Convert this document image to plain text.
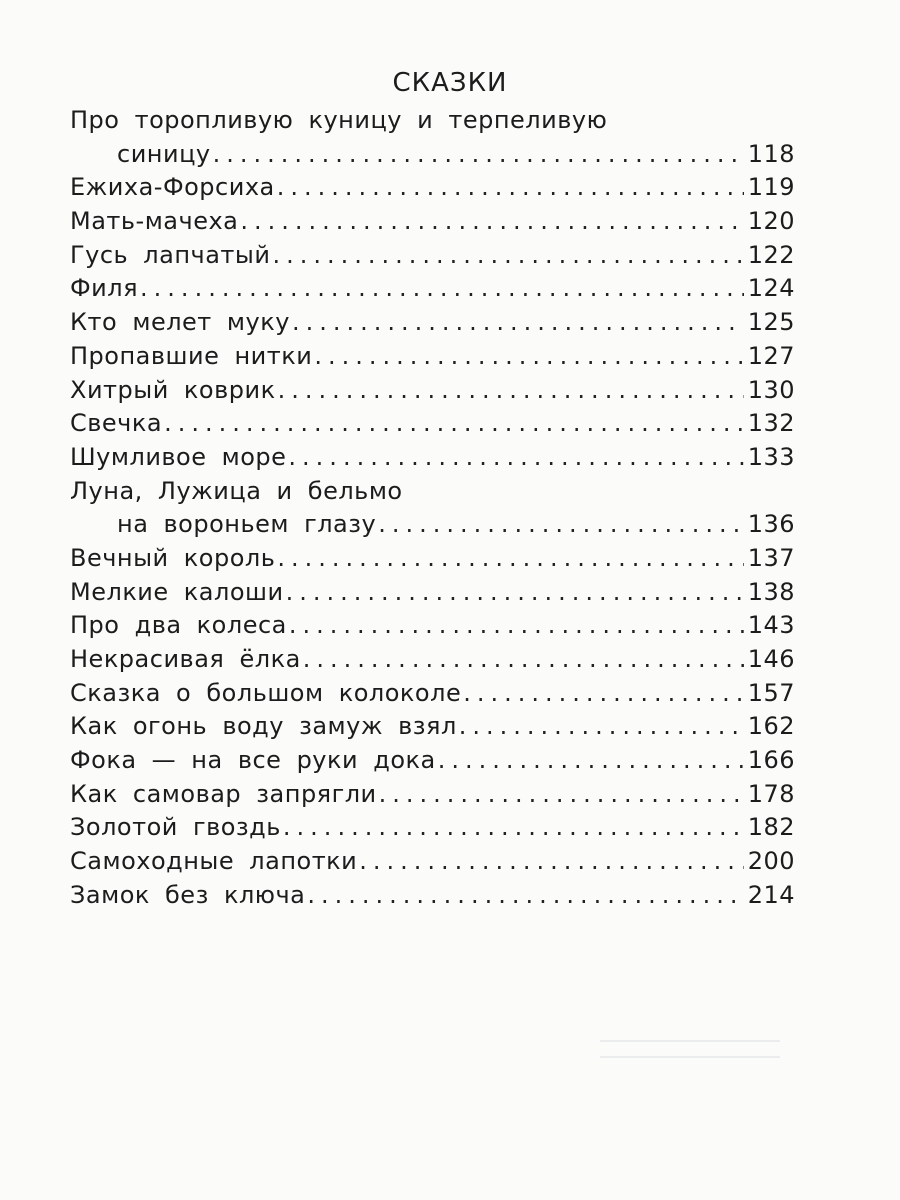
СКАЗКИ
Про торопливую куницу и терпеливую
синицу .....	118
Ежиха-Форсиха .....	119
Мать-мачеха .....	120
Гусь лапчатый .....	122
Филя .....	124
Кто мелет муку .....	125
Пропавшие нитки .....	127
Хитрый коврик .....	130
Свечка .....	132
Шумливое море .....	133
Луна, Лужица и бельмо
на вороньем глазу .....	136
Вечный король .....	137
Мелкие калоши .....	138
Про два колеса .....	143
Некрасивая ёлка .....	146
Сказка о большом колоколе .....	157
Как огонь воду замуж взял .....	162
Фока — на все руки дока .....	166
Как самовар запрягли .....	178
Золотой гвоздь .....	182
Самоходные лапотки .....	200
Замок без ключа .....	214
